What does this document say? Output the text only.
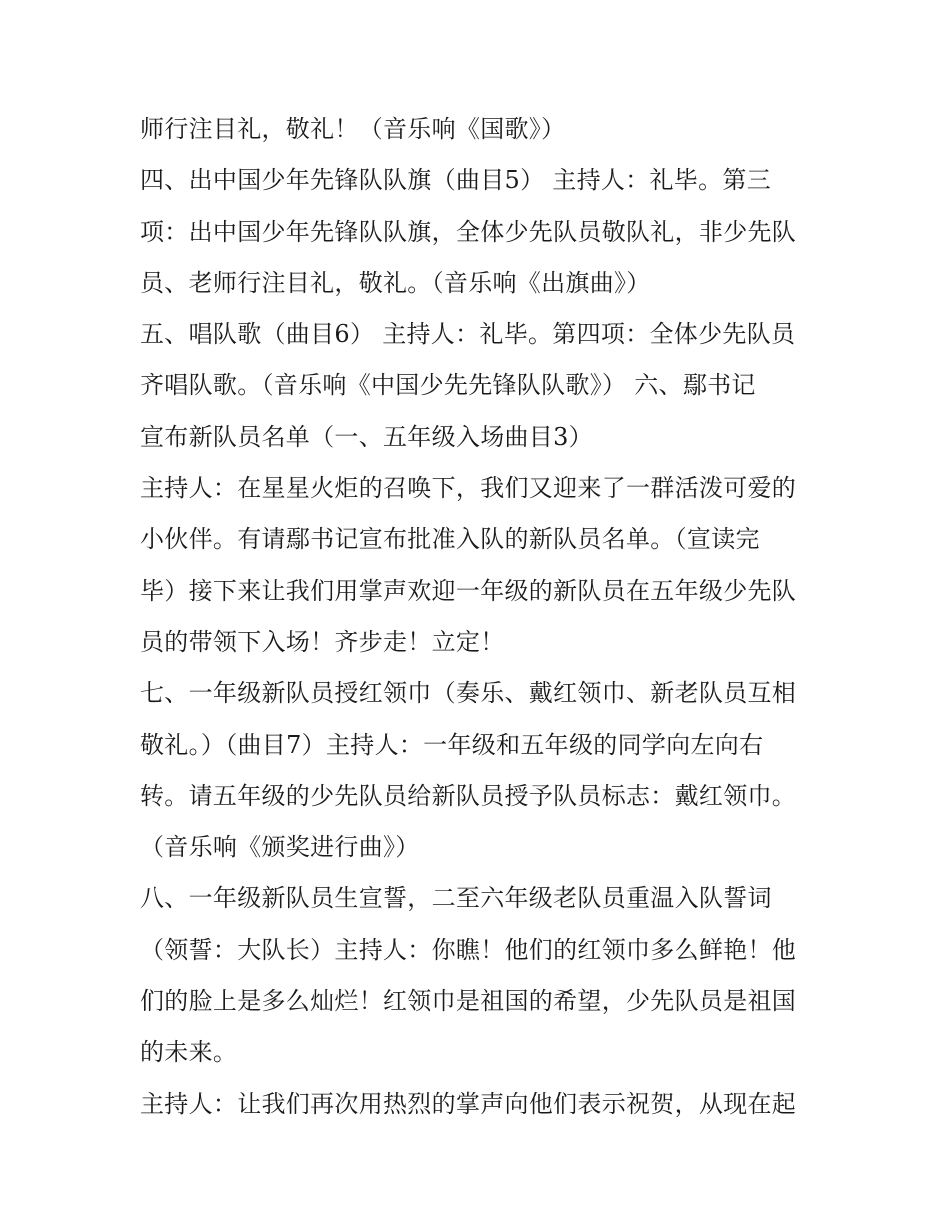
师行注目礼，敬礼！（音乐响《国歌》）
四、出中国少年先锋队队旗（曲目5） 主持人：礼毕。第三
项：出中国少年先锋队队旗，全体少先队员敬队礼，非少先队
员、老师行注目礼，敬礼。（音乐响《出旗曲》）
五、唱队歌（曲目6） 主持人：礼毕。第四项：全体少先队员
齐唱队歌。（音乐响《中国少先先锋队队歌》） 六、鄢书记
宣布新队员名单（一、五年级入场曲目3）
主持人：在星星火炬的召唤下，我们又迎来了一群活泼可爱的
小伙伴。有请鄢书记宣布批准入队的新队员名单。（宣读完
毕）接下来让我们用掌声欢迎一年级的新队员在五年级少先队
员的带领下入场！齐步走！立定！
七、一年级新队员授红领巾（奏乐、戴红领巾、新老队员互相
敬礼。）（曲目7）主持人：一年级和五年级的同学向左向右
转。请五年级的少先队员给新队员授予队员标志：戴红领巾。
（音乐响《颁奖进行曲》）
八、一年级新队员生宣誓，二至六年级老队员重温入队誓词
（领誓：大队长）主持人：你瞧！他们的红领巾多么鲜艳！他
们的脸上是多么灿烂！红领巾是祖国的希望，少先队员是祖国
的未来。
主持人：让我们再次用热烈的掌声向他们表示祝贺，从现在起
